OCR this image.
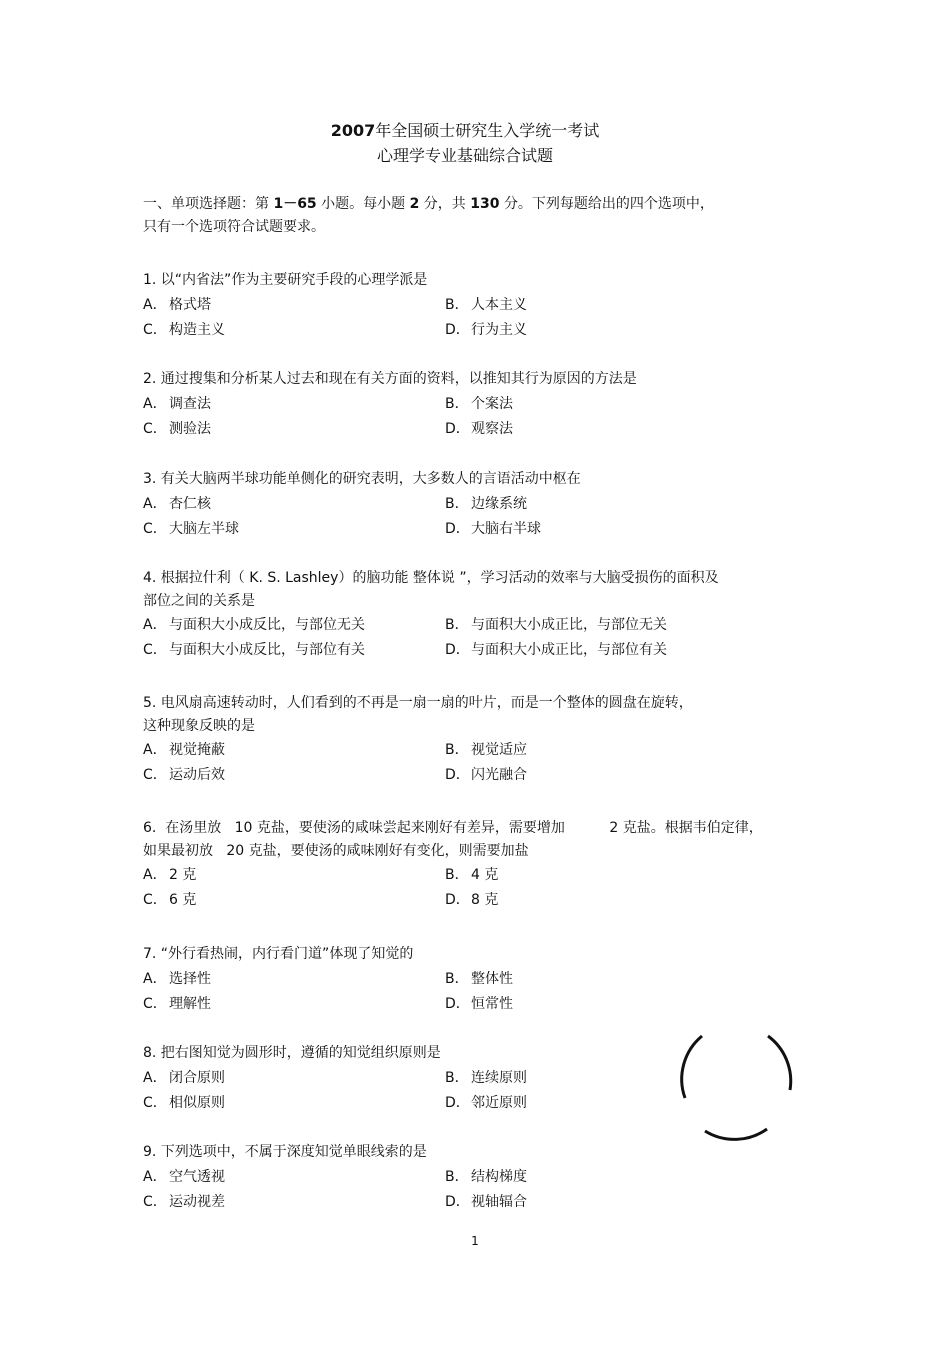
2007年全国硕士研究生入学统一考试
心理学专业基础综合试题
一、单项选择题：第 1－65 小题。每小题 2 分，共 130 分。下列每题给出的四个选项中，
只有一个选项符合试题要求。
1. 以“内省法”作为主要研究手段的心理学派是
A． 格式塔	B． 人本主义
C． 构造主义	D． 行为主义
2. 通过搜集和分析某人过去和现在有关方面的资料，以推知其行为原因的方法是
A． 调查法	B． 个案法
C． 测验法	D． 观察法
3. 有关大脑两半球功能单侧化的研究表明，大多数人的言语活动中枢在
A． 杏仁核	B． 边缘系统
C． 大脑左半球	D． 大脑右半球
4. 根据拉什利（ K. S. Lashley）的脑功能 整体说 ”，学习活动的效率与大脑受损伤的面积及
部位之间的关系是
A． 与面积大小成反比，与部位无关	B． 与面积大小成正比，与部位无关
C． 与面积大小成反比，与部位有关	D． 与面积大小成正比，与部位有关
5. 电风扇高速转动时，人们看到的不再是一扇一扇的叶片，而是一个整体的圆盘在旋转，
这种现象反映的是
A． 视觉掩蔽	B． 视觉适应
C． 运动后效	D． 闪光融合
6.  在汤里放   10 克盐，要使汤的咸味尝起来刚好有差异，需要增加          2 克盐。根据韦伯定律，
如果最初放   20 克盐，要使汤的咸味刚好有变化，则需要加盐
A． 2 克	B． 4 克
C． 6 克	D． 8 克
7. “外行看热闹，内行看门道”体现了知觉的
A． 选择性	B． 整体性
C． 理解性	D． 恒常性
8. 把右图知觉为圆形时，遵循的知觉组织原则是
A． 闭合原则	B． 连续原则
C． 相似原则	D． 邻近原则
9. 下列选项中，不属于深度知觉单眼线索的是
A． 空气透视	B． 结构梯度
C． 运动视差	D． 视轴辐合
1
